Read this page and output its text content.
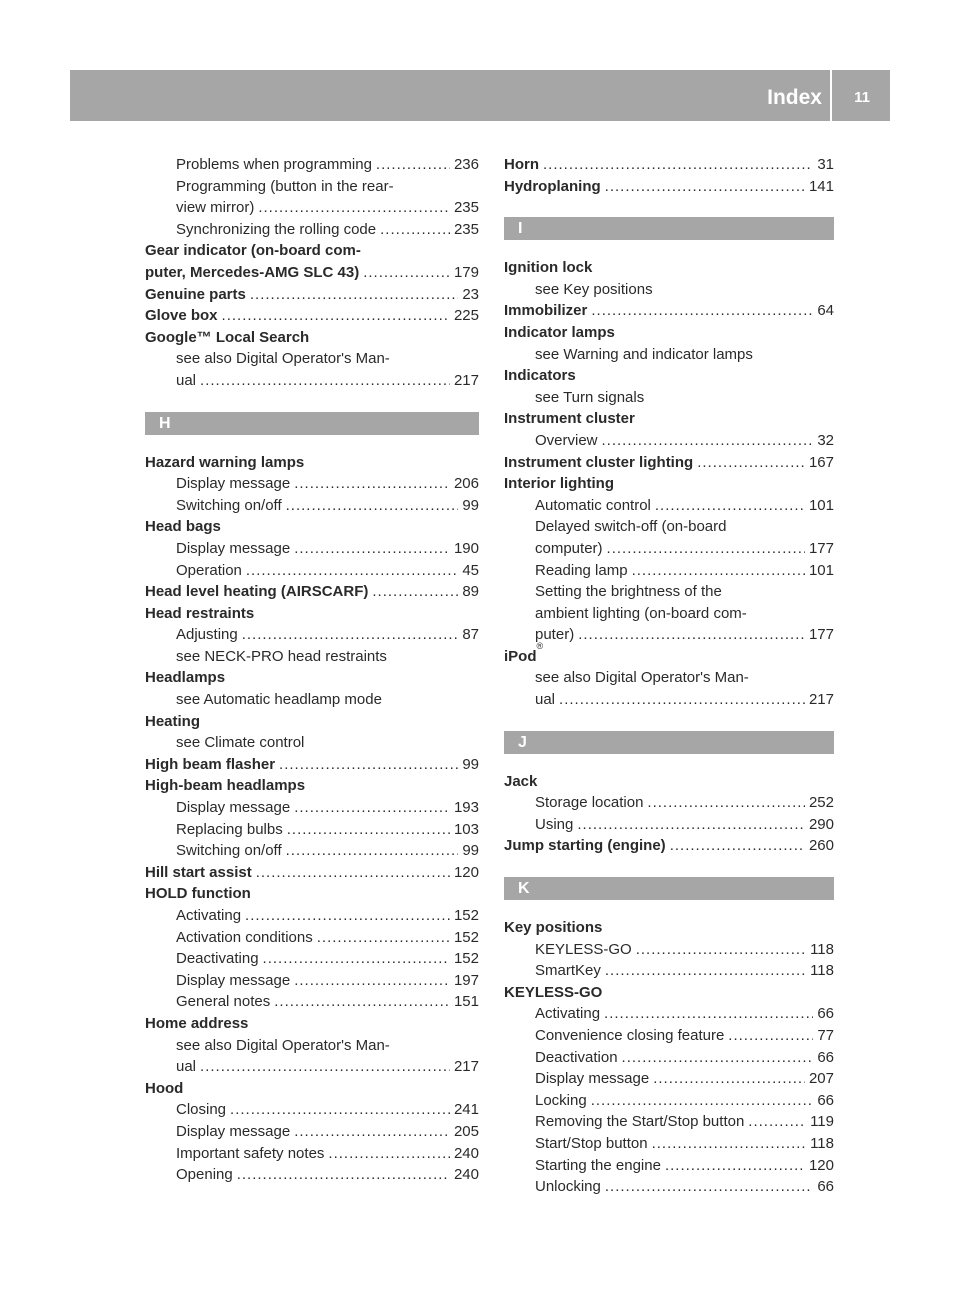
Index 11
Problems when programming .....	236
Programming (button in the rear-
view mirror) .....	235
Synchronizing the rolling code .....	235
Gear indicator (on-board com-
puter, Mercedes-AMG SLC 43) .....	179
Genuine parts .....	23
Glove box .....	225
Google™ Local Search
see also Digital Operator's Man-
ual .....	217
H
Hazard warning lamps
Display message .....	206
Switching on/off .....	99
Head bags
Display message .....	190
Operation .....	45
Head level heating (AIRSCARF) .....	89
Head restraints
Adjusting .....	87
see NECK-PRO head restraints
Headlamps
see Automatic headlamp mode
Heating
see Climate control
High beam flasher .....	99
High-beam headlamps
Display message .....	193
Replacing bulbs .....	103
Switching on/off .....	99
Hill start assist .....	120
HOLD function
Activating .....	152
Activation conditions .....	152
Deactivating .....	152
Display message .....	197
General notes .....	151
Home address
see also Digital Operator's Man-
ual .....	217
Hood
Closing .....	241
Display message .....	205
Important safety notes .....	240
Opening .....	240
Horn .....	31
Hydroplaning .....	141
I
Ignition lock
see Key positions
Immobilizer .....	64
Indicator lamps
see Warning and indicator lamps
Indicators
see Turn signals
Instrument cluster
Overview .....	32
Instrument cluster lighting .....	167
Interior lighting
Automatic control .....	101
Delayed switch-off (on-board
computer) .....	177
Reading lamp .....	101
Setting the brightness of the
ambient lighting (on-board com-
puter) .....	177
iPod
®
see also Digital Operator's Man-
ual .....	217
J
Jack
Storage location .....	252
Using .....	290
Jump starting (engine) .....	260
K
Key positions
KEYLESS-GO .....	118
SmartKey .....	118
KEYLESS-GO
Activating .....	66
Convenience closing feature .....	77
Deactivation .....	66
Display message .....	207
Locking .....	66
Removing the Start/Stop button .....	119
Start/Stop button .....	118
Starting the engine .....	120
Unlocking .....	66
